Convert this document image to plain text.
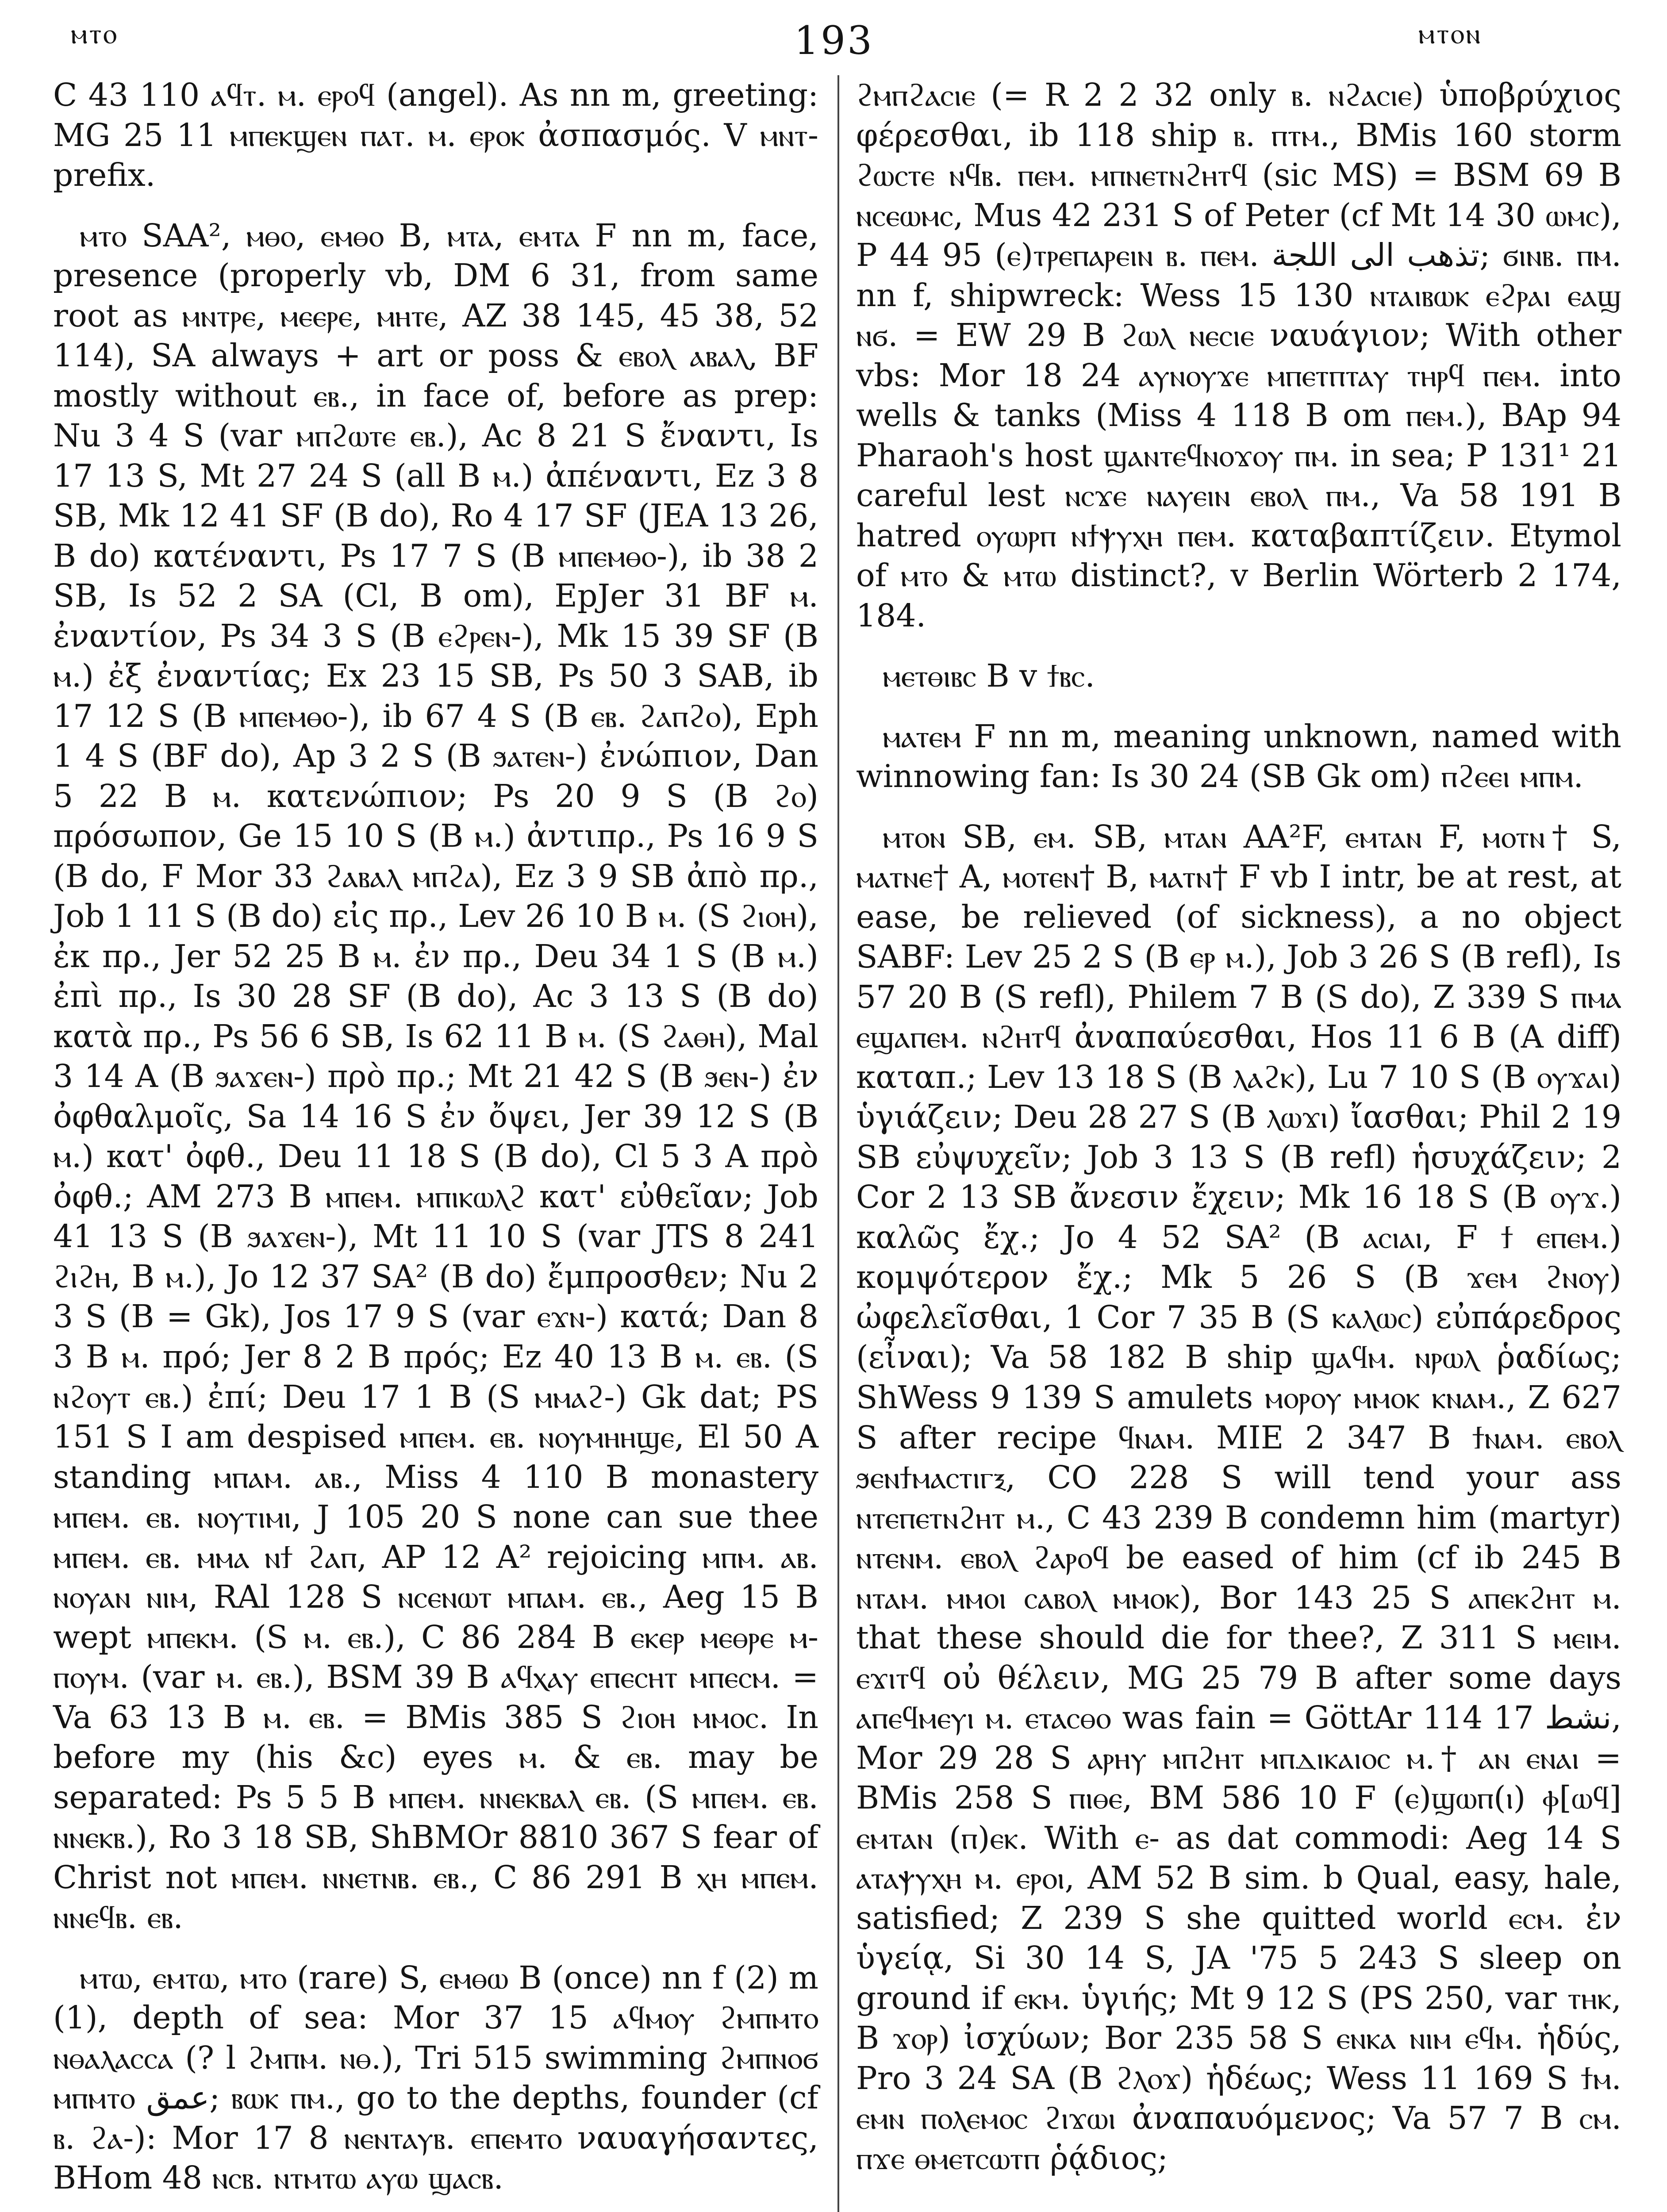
ⲙⲧⲟ	193	ⲙⲧⲟⲛ

C 43 110 ⲁϥⲧ. ⲙ. ⲉⲣⲟϥ (angel). As nn m, greeting: MG 25 11 ⲙⲡⲉⲕϣⲉⲛ ⲡⲁⲧ. ⲙ. ⲉⲣⲟⲕ ἀσπασμός. V ⲙⲛⲧ- prefix.

ⲙⲧⲟ SAA², ⲙⲑⲟ, ⲉⲙⲑⲟ B, ⲙⲧⲁ, ⲉⲙⲧⲁ F nn m, face, presence (properly vb, DM 6 31, from same root as ⲙⲛⲧⲣⲉ, ⲙⲉⲉⲣⲉ, ⲙⲏⲧⲉ, AZ 38 145, 45 38, 52 114), SA always + art or poss & ⲉⲃⲟⲗ ⲁⲃⲁⲗ, BF mostly without ⲉⲃ., in face of, before as prep: Nu 3 4 S (var ⲙⲡϩⲱⲧⲉ ⲉⲃ.), Ac 8 21 S ἔναντι, Is 17 13 S, Mt 27 24 S (all B ⲙ.) ἀπέναντι, Ez 3 8 SB, Mk 12 41 SF (B do), Ro 4 17 SF (JEA 13 26, B do) κατέναντι, Ps 17 7 S (B ⲙⲡⲉⲙⲑⲟ-), ib 38 2 SB, Is 52 2 SA (Cl, B om), EpJer 31 BF ⲙ. ἐναντίον, Ps 34 3 S (B ⲉϩⲣⲉⲛ-), Mk 15 39 SF (B ⲙ.) ἐξ ἐναντίας; Ex 23 15 SB, Ps 50 3 SAB, ib 17 12 S (B ⲙⲡⲉⲙⲑⲟ-), ib 67 4 S (B ⲉⲃ. ϩⲁⲡϩⲟ), Eph 1 4 S (BF do), Ap 3 2 S (B ϧⲁⲧⲉⲛ-) ἐνώπιον, Dan 5 22 B ⲙ. κατενώπιον; Ps 20 9 S (B ϩⲟ) πρόσωπον, Ge 15 10 S (B ⲙ.) ἀντιπρ., Ps 16 9 S (B do, F Mor 33 ϩⲁⲃⲁⲗ ⲙⲡϩⲁ), Ez 3 9 SB ἀπὸ πρ., Job 1 11 S (B do) εἰς πρ., Lev 26 10 B ⲙ. (S ϩⲓⲟⲏ), ἐκ πρ., Jer 52 25 B ⲙ. ἐν πρ., Deu 34 1 S (B ⲙ.) ἐπὶ πρ., Is 30 28 SF (B do), Ac 3 13 S (B do) κατὰ πρ., Ps 56 6 SB, Is 62 11 B ⲙ. (S ϩⲁⲑⲏ), Mal 3 14 A (B ϧⲁϫⲉⲛ-) πρὸ πρ.; Mt 21 42 S (B ϧⲉⲛ-) ἐν ὀφθαλμοῖς, Sa 14 16 S ἐν ὄψει, Jer 39 12 S (B ⲙ.) κατ' ὀφθ., Deu 11 18 S (B do), Cl 5 3 A πρὸ ὀφθ.; AM 273 B ⲙⲡⲉⲙ. ⲙⲡⲓⲕⲱⲗϩ κατ' εὐθεῖαν; Job 41 13 S (B ϧⲁϫⲉⲛ-), Mt 11 10 S (var JTS 8 241 ϩⲓϩⲏ, B ⲙ.), Jo 12 37 SA² (B do) ἔμπροσθεν; Nu 2 3 S (B = Gk), Jos 17 9 S (var ⲉϫⲛ-) κατά; Dan 8 3 B ⲙ. πρό; Jer 8 2 B πρός; Ez 40 13 B ⲙ. ⲉⲃ. (S ⲛϩⲟⲩⲧ ⲉⲃ.) ἐπί; Deu 17 1 B (S ⲙⲙⲁϩ-) Gk dat; PS 151 S I am despised ⲙⲡⲉⲙ. ⲉⲃ. ⲛⲟⲩⲙⲏⲏϣⲉ, El 50 A standing ⲙⲡⲁⲙ. ⲁⲃ., Miss 4 110 B monastery ⲙⲡⲉⲙ. ⲉⲃ. ⲛⲟⲩⲧⲓⲙⲓ, J 105 20 S none can sue thee ⲙⲡⲉⲙ. ⲉⲃ. ⲙⲙⲁ ⲛϯ ϩⲁⲡ, AP 12 A² rejoicing ⲙⲡⲙ. ⲁⲃ. ⲛⲟⲩⲁⲛ ⲛⲓⲙ, RAl 128 S ⲛⲥⲉⲛⲱⲧ ⲙⲡⲁⲙ. ⲉⲃ., Aeg 15 B wept ⲙⲡⲉⲕⲙ. (S ⲙ. ⲉⲃ.), C 86 284 B ⲉⲕⲉⲣ ⲙⲉⲑⲣⲉ ⲙ-ⲡⲟⲩⲙ. (var ⲙ. ⲉⲃ.), BSM 39 B ⲁϥⲭⲁⲩ ⲉⲡⲉⲥⲏⲧ ⲙⲡⲉⲥⲙ. = Va 63 13 B ⲙ. ⲉⲃ. = BMis 385 S ϩⲓⲟⲏ ⲙⲙⲟⲥ. In before my (his &c) eyes ⲙ. & ⲉⲃ. may be separated: Ps 5 5 B ⲙⲡⲉⲙ. ⲛⲛⲉⲕⲃⲁⲗ ⲉⲃ. (S ⲙⲡⲉⲙ. ⲉⲃ. ⲛⲛⲉⲕⲃ.), Ro 3 18 SB, ShBMOr 8810 367 S fear of Christ not ⲙⲡⲉⲙ. ⲛⲛⲉⲧⲛⲃ. ⲉⲃ., C 86 291 B ⲭⲏ ⲙⲡⲉⲙ. ⲛⲛⲉϥⲃ. ⲉⲃ.

ⲙⲧⲱ, ⲉⲙⲧⲱ, ⲙⲧⲟ (rare) S, ⲉⲙⲑⲱ B (once) nn f (2) m (1), depth of sea: Mor 37 15 ⲁϥⲙⲟⲩ ϩⲙⲡⲙⲧⲟ ⲛⲑⲁⲗⲁⲥⲥⲁ (? l ϩⲙⲡⲙ. ⲛⲑ.), Tri 515 swimming ϩⲙⲡⲛⲟϭ ⲙⲡⲙⲧⲟ ﻋﻤﻖ; ⲃⲱⲕ ⲡⲙ., go to the depths, founder (cf ⲃ. ϩⲁ-): Mor 17 8 ⲛⲉⲛⲧⲁⲩⲃ. ⲉⲡⲉⲙⲧⲟ ναυαγήσαντες, BHom 48 ⲛⲥⲃ. ⲛⲧⲙⲧⲱ ⲁⲩⲱ ϣⲁⲥⲃ.

ϩⲙⲡϩⲁⲥⲓⲉ (= R 2 2 32 only ⲃ. ⲛϩⲁⲥⲓⲉ) ὑποβρύχιος φέρεσθαι, ib 118 ship ⲃ. ⲡⲧⲙ., BMis 160 storm ϩⲱⲥⲧⲉ ⲛϥⲃ. ⲡⲉⲙ. ⲙⲡⲛⲉⲧⲛϩⲏⲧϥ (sic MS) = BSM 69 B ⲛⲥⲉⲱⲙⲥ, Mus 42 231 S of Peter (cf Mt 14 30 ⲱⲙⲥ), P 44 95 (ⲉ)ⲧⲣⲉⲡⲁⲣⲉⲓⲛ ⲃ. ⲡⲉⲙ. ﺗﺬﻫﺐ ﺍﻟﻰ ﺍﻟﻠﺠﺔ; ϭⲓⲛⲃ. ⲡⲙ. nn f, shipwreck: Wess 15 130 ⲛⲧⲁⲓⲃⲱⲕ ⲉϩⲣⲁⲓ ⲉⲁϣ ⲛϭ. = EW 29 B ϩⲱⲗ ⲛⲉⲥⲓⲉ ναυάγιον; With other vbs: Mor 18 24 ⲁⲩⲛⲟⲩϫⲉ ⲙⲡⲉⲧⲡⲧⲁⲩ ⲧⲏⲣϥ ⲡⲉⲙ. into wells & tanks (Miss 4 118 B om ⲡⲉⲙ.), BAp 94 Pharaoh's host ϣⲁⲛⲧⲉϥⲛⲟϫⲟⲩ ⲡⲙ. in sea; P 131¹ 21 careful lest ⲛⲥϫⲉ ⲛⲁⲩⲉⲓⲛ ⲉⲃⲟⲗ ⲡⲙ., Va 58 191 B hatred ⲟⲩⲱⲣⲡ ⲛϯⲯⲩⲭⲏ ⲡⲉⲙ. καταβαπτίζειν. Etymol of ⲙⲧⲟ & ⲙⲧⲱ distinct?, v Berlin Wörterb 2 174, 184.

ⲙⲉⲧⲑⲓⲃⲥ B v ϯⲃⲥ.

ⲙⲁⲧⲉⲙ F nn m, meaning unknown, named with winnowing fan: Is 30 24 (SB Gk om) ⲡϩⲉⲉⲓ ⲙⲡⲙ.

ⲙⲧⲟⲛ SB, ⲉⲙ. SB, ⲙⲧⲁⲛ AA²F, ⲉⲙⲧⲁⲛ F, ⲙⲟⲧⲛ† S, ⲙⲁⲧⲛⲉ† A, ⲙⲟⲧⲉⲛ† B, ⲙⲁⲧⲛ† F vb I intr, be at rest, at ease, be relieved (of sickness), a no object SABF: Lev 25 2 S (B ⲉⲣ ⲙ.), Job 3 26 S (B refl), Is 57 20 B (S refl), Philem 7 B (S do), Z 339 S ⲡⲙⲁ ⲉϣⲁⲡⲉⲙ. ⲛϩⲏⲧϥ ἀναπαύεσθαι, Hos 11 6 B (A diff) καταπ.; Lev 13 18 S (B ⲗⲁϩⲕ), Lu 7 10 S (B ⲟⲩϫⲁⲓ) ὑγιάζειν; Deu 28 27 S (B ⲗⲱϫⲓ) ἴασθαι; Phil 2 19 SB εὐψυχεῖν; Job 3 13 S (B refl) ἡσυχάζειν; 2 Cor 2 13 SB ἄνεσιν ἔχειν; Mk 16 18 S (B ⲟⲩϫ.) καλῶς ἔχ.; Jo 4 52 SA² (B ⲁⲥⲓⲁⲓ, F ϯ ⲉⲡⲉⲙ.) κομψότερον ἔχ.; Mk 5 26 S (B ϫⲉⲙ ϩⲛⲟⲩ) ὠφελεῖσθαι, 1 Cor 7 35 B (S ⲕⲁⲗⲱⲥ) εὐπάρεδρος (εἶναι); Va 58 182 B ship ϣⲁϥⲙ. ⲛⲣⲱⲗ ῥαδίως; ShWess 9 139 S amulets ⲙⲟⲣⲟⲩ ⲙⲙⲟⲕ ⲕⲛⲁⲙ., Z 627 S after recipe ϥⲛⲁⲙ. MIE 2 347 B ϯⲛⲁⲙ. ⲉⲃⲟⲗ ϧⲉⲛϯⲙⲁⲥⲧⲓⲅⲝ, CO 228 S will tend your ass ⲛⲧⲉⲡⲉⲧⲛϩⲏⲧ ⲙ., C 43 239 B condemn him (martyr) ⲛⲧⲉⲛⲙ. ⲉⲃⲟⲗ ϩⲁⲣⲟϥ be eased of him (cf ib 245 B ⲛⲧⲁⲙ. ⲙⲙⲟⲓ ⲥⲁⲃⲟⲗ ⲙⲙⲟⲕ), Bor 143 25 S ⲁⲡⲉⲕϩⲏⲧ ⲙ. that these should die for thee?, Z 311 S ⲙⲉⲓⲙ. ⲉϫⲓⲧϥ οὐ θέλειν, MG 25 79 B after some days ⲁⲡⲉϥⲙⲉⲩⲓ ⲙ. ⲉⲧⲁⲥⲑⲟ was fain = GöttAr 114 17 ﻧﺸﻂ, Mor 29 28 S ⲁⲣⲏⲩ ⲙⲡϩⲏⲧ ⲙⲡⲇⲓⲕⲁⲓⲟⲥ ⲙ.† ⲁⲛ ⲉⲛⲁⲓ = BMis 258 S ⲡⲓⲑⲉ, BM 586 10 F (ⲉ)ϣⲱⲡ(ⲓ) ⲫ[ⲱϥ] ⲉⲙⲧⲁⲛ (ⲡ)ⲉⲕ. With ⲉ- as dat commodi: Aeg 14 S ⲁⲧⲁⲯⲩⲭⲏ ⲙ. ⲉⲣⲟⲓ, AM 52 B sim. b Qual, easy, hale, satisfied; Z 239 S she quitted world ⲉⲥⲙ. ἐν ὑγείᾳ, Si 30 14 S, JA '75 5 243 S sleep on ground if ⲉⲕⲙ. ὑγιής; Mt 9 12 S (PS 250, var ⲧⲏⲕ, B ϫⲟⲣ) ἰσχύων; Bor 235 58 S ⲉⲛⲕⲁ ⲛⲓⲙ ⲉϥⲙ. ἡδύς, Pro 3 24 SA (B ϩⲗⲟϫ) ἡδέως; Wess 11 169 S ϯⲙ. ⲉⲙⲛ ⲡⲟⲗⲉⲙⲟⲥ ϩⲓϫⲱⲓ ἀναπαυόμενος; Va 57 7 B ⲥⲙ. ⲡϫⲉ ⲑⲙⲉⲧⲥⲱⲧⲡ ῥᾴδιος;
